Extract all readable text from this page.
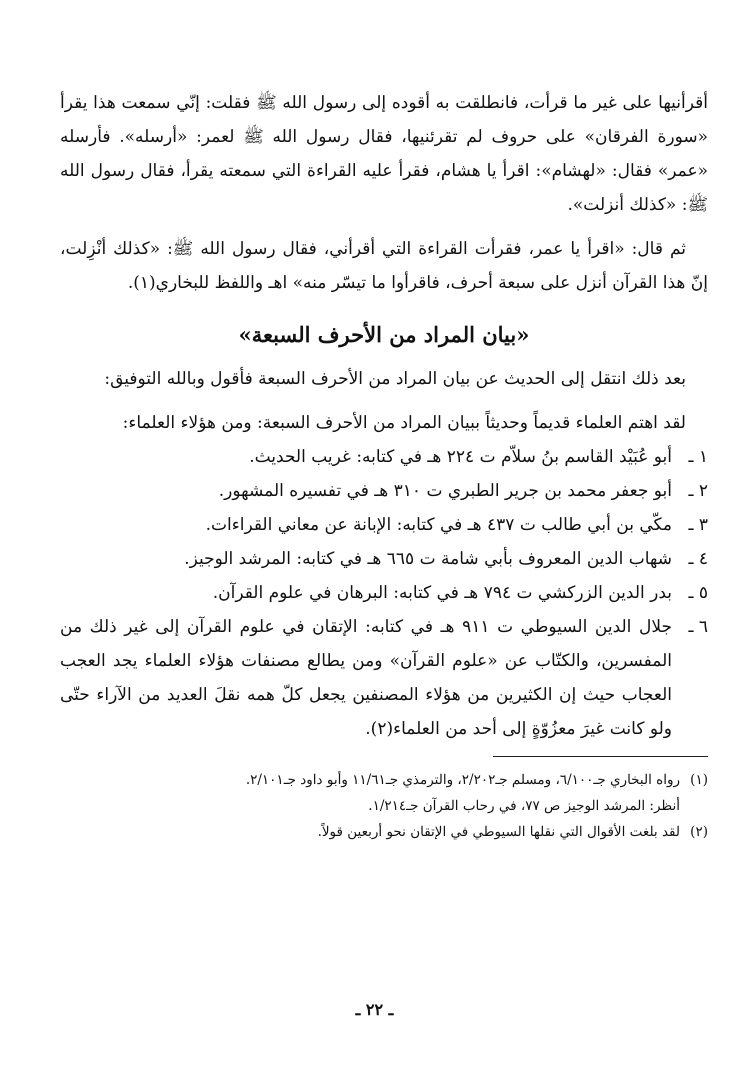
أقرأنيها على غير ما قرأت، فانطلقت به أقوده إلى رسول الله ﷺ فقلت: إنّي سمعت هذا يقرأ «سورة الفرقان» على حروف لم تقرئنيها، فقال رسول الله ﷺ لعمر: «أرسله». فأرسله «عمر» فقال: «لهشام»: اقرأ يا هشام، فقرأ عليه القراءة التي سمعته يقرأ، فقال رسول الله ﷺ: «كذلك أنزلت».

ثم قال: «اقرأ يا عمر، فقرأت القراءة التي أقرأني، فقال رسول الله ﷺ: «كذلك أنْزِلت، إنّ هذا القرآن أنزل على سبعة أحرف، فاقرأوا ما تيسّر منه» اهـ واللفظ للبخاري(١).

«بيان المراد من الأحرف السبعة»

بعد ذلك انتقل إلى الحديث عن بيان المراد من الأحرف السبعة فأقول وبالله التوفيق:

لقد اهتم العلماء قديماً وحديثاً ببيان المراد من الأحرف السبعة: ومن هؤلاء العلماء:

١ ـ
أبو عُبَيْد القاسم بنُ سلاّم ت ٢٢٤ هـ في كتابه: غريب الحديث.
٢ ـ
أبو جعفر محمد بن جرير الطبري ت ٣١٠ هـ في تفسيره المشهور.
٣ ـ
مكّي بن أبي طالب ت ٤٣٧ هـ في كتابه: الإبانة عن معاني القراءات.
٤ ـ
شهاب الدين المعروف بأبي شامة ت ٦٦٥ هـ في كتابه: المرشد الوجيز.
٥ ـ
بدر الدين الزركشي ت ٧٩٤ هـ في كتابه: البرهان في علوم القرآن.
٦ ـ
جلال الدين السيوطي ت ٩١١ هـ في كتابه: الإتقان في علوم القرآن إلى غير ذلك من المفسرين، والكتّاب عن «علوم القرآن» ومن يطالع مصنفات هؤلاء العلماء يجد العجب العجاب حيث إن الكثيرين من هؤلاء المصنفين يجعل كلّ همه نقلَ العديد من الآراء حتّى ولو كانت غيرَ معزُوّةٍ إلى أحد من العلماء(٢).

(١)رواه البخاري جـ٦/١٠٠، ومسلم جـ٢/٢٠٢، والترمذي جـ١١/٦١ وأبو داود جـ٢/١٠١.

أنظر: المرشد الوجيز ص ٧٧، في رحاب القرآن جـ١/٢١٤.

(٢)لقد بلغت الأقوال التي نقلها السيوطي في الإتقان نحو أربعين قولاً.

ـ ٢٢ ـ
